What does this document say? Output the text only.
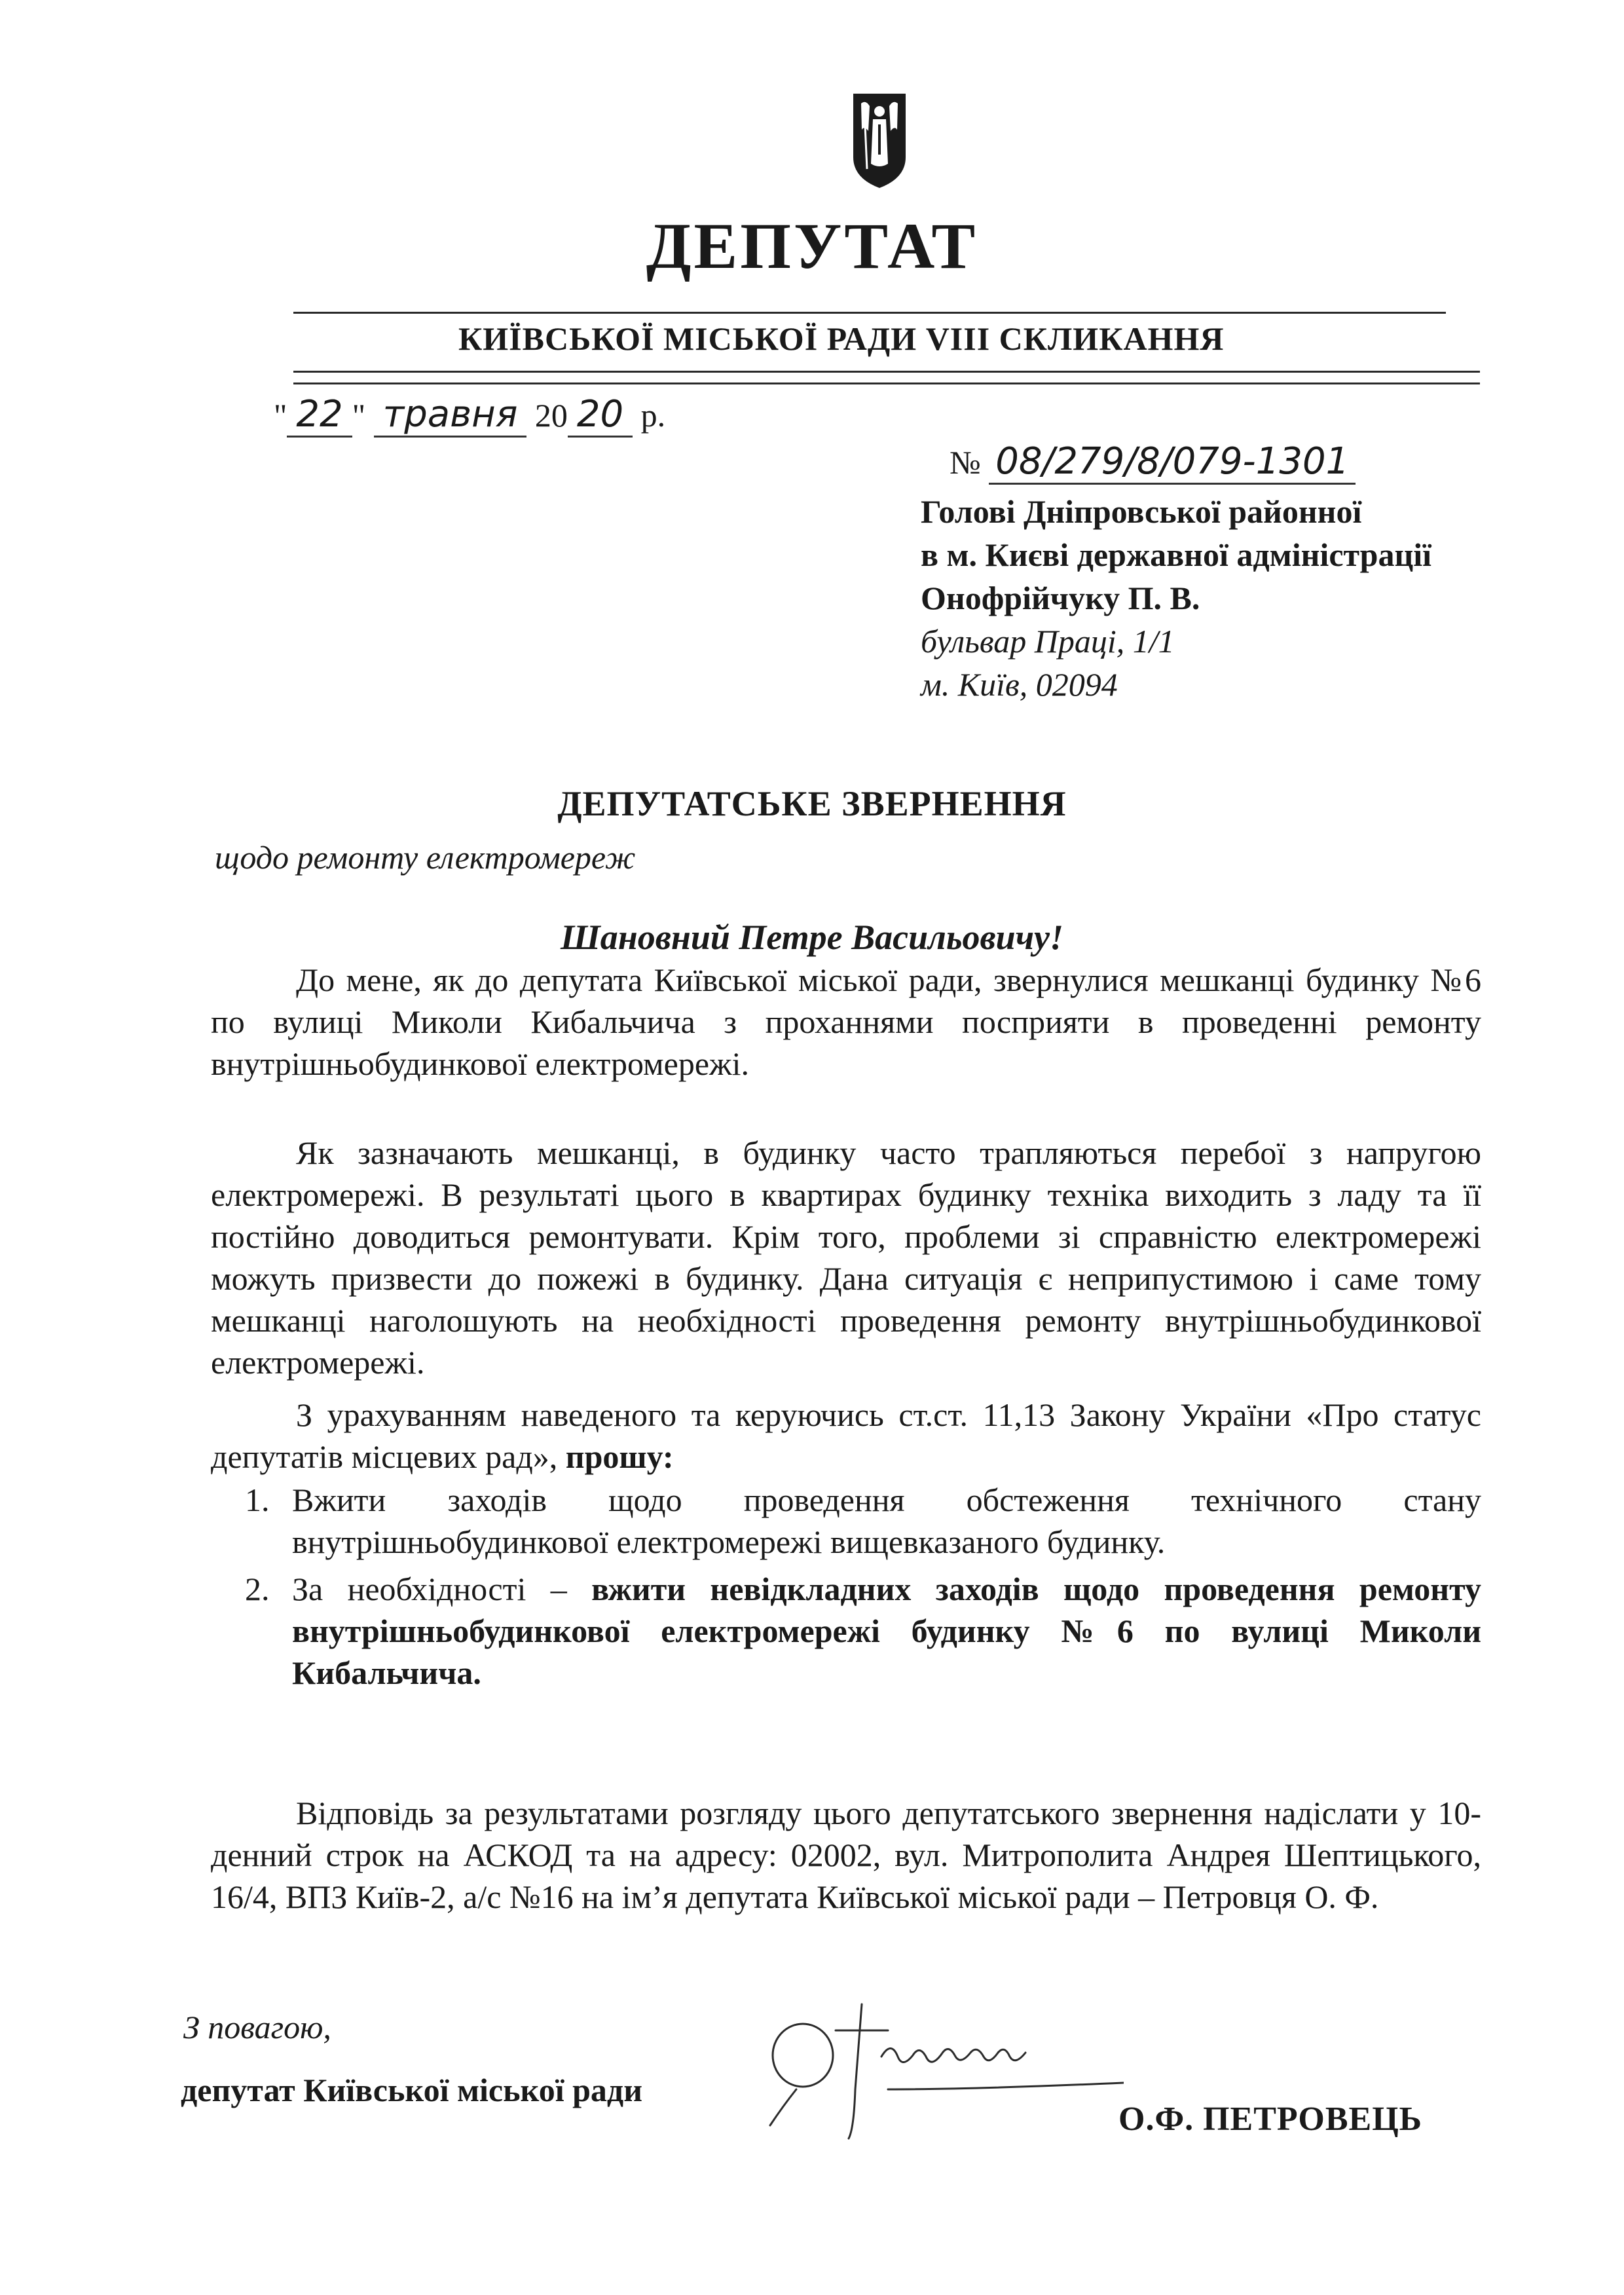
ДЕПУТАТ
КИЇВСЬКОЇ МІСЬКОЇ РАДИ VIII СКЛИКАННЯ
" 22 " травня 20 20 р.
№ 08/279/8/079-1301
Голові Дніпровської районної
в м. Києві державної адміністрації
Онофрійчуку П. В.
бульвар Праці, 1/1
м. Київ, 02094
ДЕПУТАТСЬКЕ ЗВЕРНЕННЯ
щодо ремонту електромереж
Шановний Петре Васильовичу!

До мене, як до депутата Київської міської ради, звернулися мешканці будинку №6 по вулиці Миколи Кибальчича з проханнями посприяти в проведенні ремонту внутрішньобудинкової електромережі.

Як зазначають мешканці, в будинку часто трапляються перебої з напругою електромережі. В результаті цього в квартирах будинку техніка виходить з ладу та її постійно доводиться ремонтувати. Крім того, проблеми зі справністю електромережі можуть призвести до пожежі в будинку. Дана ситуація є неприпустимою і саме тому мешканці наголошують на необхідності проведення ремонту внутрішньобудинкової електромережі.

З урахуванням наведеного та керуючись ст.ст. 11,13 Закону України «Про статус депутатів місцевих рад», прошу:

1. Вжити заходів щодо проведення обстеження технічного стану внутрішньобудинкової електромережі вищевказаного будинку.
2. За необхідності – вжити невідкладних заходів щодо проведення ремонту внутрішньобудинкової електромережі будинку №6 по вулиці Миколи Кибальчича.

Відповідь за результатами розгляду цього депутатського звернення надіслати у 10-денний строк на АСКОД та на адресу: 02002, вул. Митрополита Андрея Шептицького, 16/4, ВПЗ Київ-2, а/с №16 на ім’я депутата Київської міської ради – Петровця О. Ф.

З повагою,
депутат Київської міської ради
О.Ф. ПЕТРОВЕЦЬ
